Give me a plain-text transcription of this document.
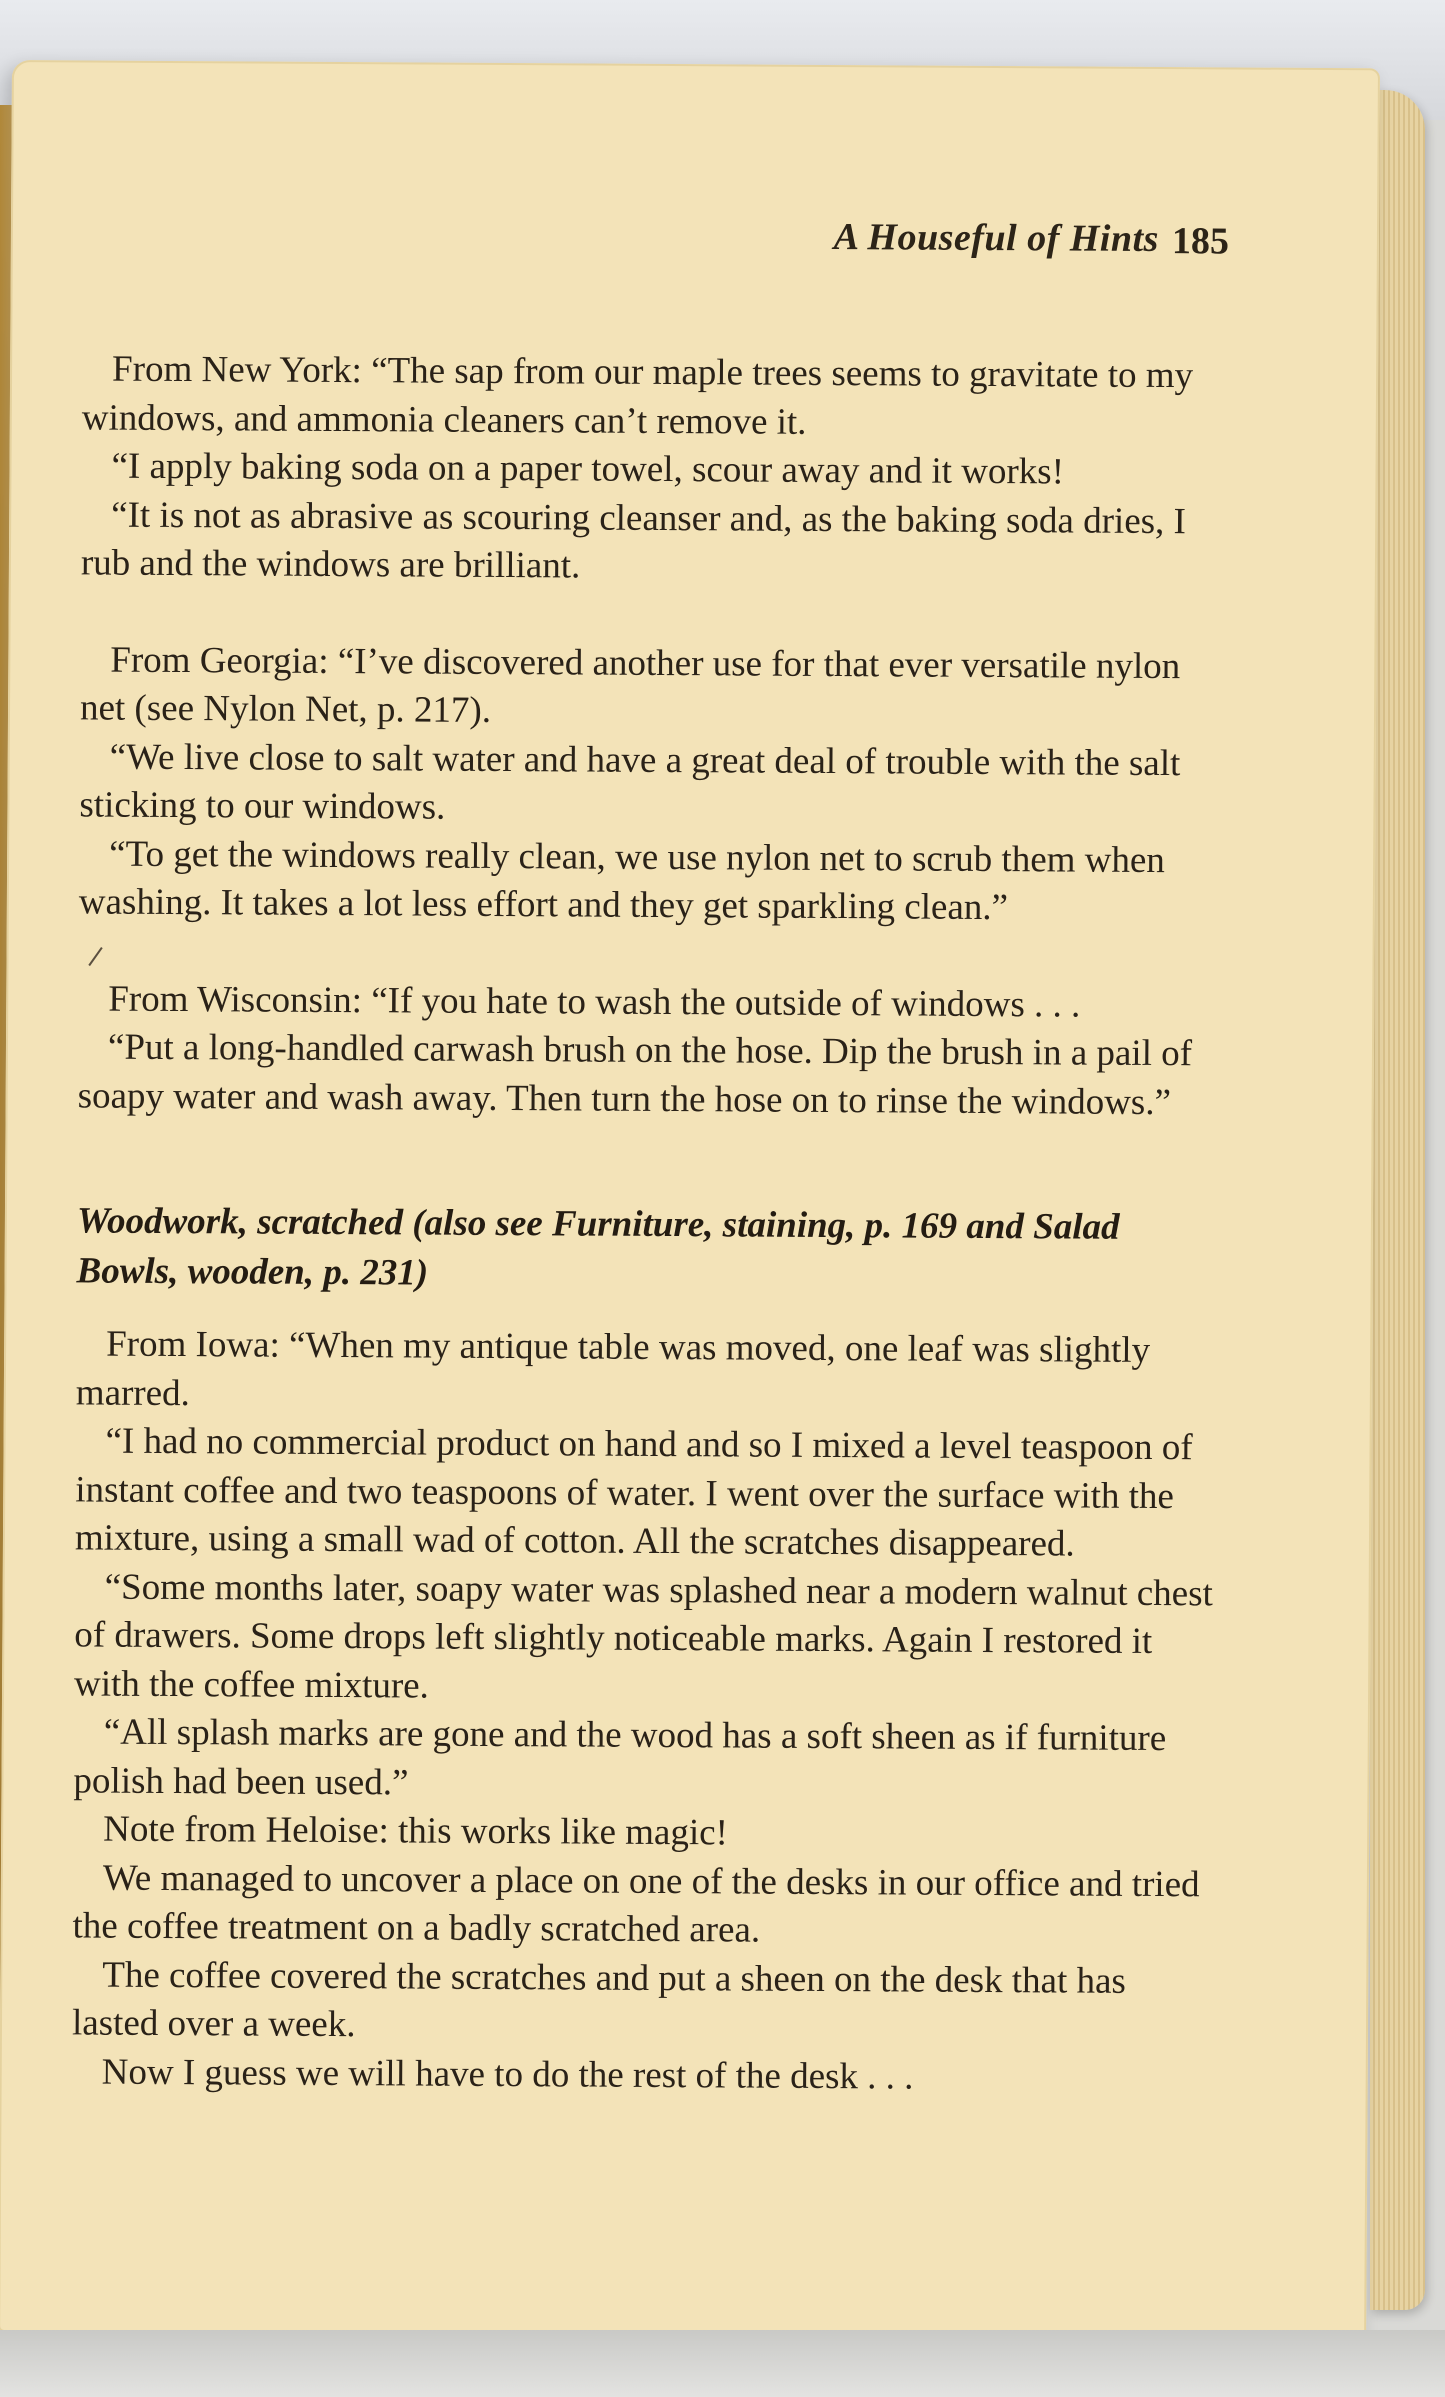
A Houseful of Hints 185

From New York: “The sap from our maple trees seems to gravitate to my windows, and ammonia cleaners can’t remove it.

“I apply baking soda on a paper towel, scour away and it works!

“It is not as abrasive as scouring cleanser and, as the baking soda dries, I rub and the windows are brilliant.

From Georgia: “I’ve discovered another use for that ever versatile nylon net (see Nylon Net, p. 217).

“We live close to salt water and have a great deal of trouble with the salt sticking to our windows.

“To get the windows really clean, we use nylon net to scrub them when washing. It takes a lot less effort and they get sparkling clean.”

From Wisconsin: “If you hate to wash the outside of windows . . .

“Put a long-handled carwash brush on the hose. Dip the brush in a pail of soapy water and wash away. Then turn the hose on to rinse the windows.”

Woodwork, scratched (also see Furniture, staining, p. 169 and Salad Bowls, wooden, p. 231)

From Iowa: “When my antique table was moved, one leaf was slightly marred.

“I had no commercial product on hand and so I mixed a level teaspoon of instant coffee and two teaspoons of water. I went over the surface with the mixture, using a small wad of cotton. All the scratches disappeared.

“Some months later, soapy water was splashed near a modern walnut chest of drawers. Some drops left slightly noticeable marks. Again I restored it with the coffee mixture.

“All splash marks are gone and the wood has a soft sheen as if furniture polish had been used.”

Note from Heloise: this works like magic!

We managed to uncover a place on one of the desks in our office and tried the coffee treatment on a badly scratched area.

The coffee covered the scratches and put a sheen on the desk that has lasted over a week.

Now I guess we will have to do the rest of the desk . . .
